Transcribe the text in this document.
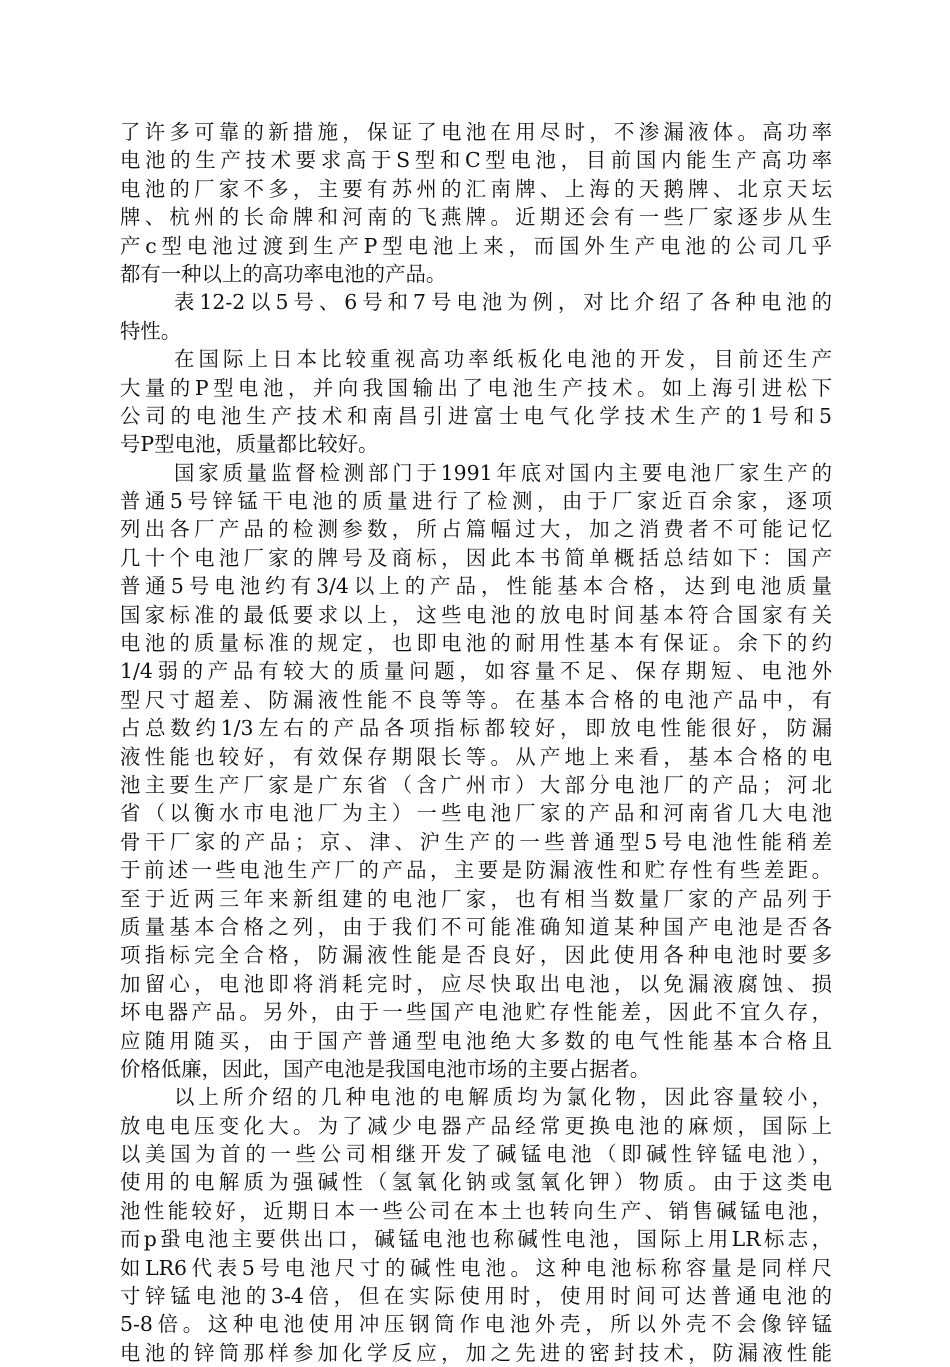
了许多可靠的新措施，保证了电池在用尽时，不渗漏液体。高功率
电池的生产技术要求高于S型和C型电池，目前国内能生产高功率
电池的厂家不多，主要有苏州的汇南牌、上海的天鹅牌、北京天坛
牌、杭州的长命牌和河南的飞燕牌。近期还会有一些厂家逐步从生
产c型电池过渡到生产P型电池上来，而国外生产电池的公司几乎
都有一种以上的高功率电池的产品。
表12-2以5号、6号和7号电池为例，对比介绍了各种电池的
特性。
在国际上日本比较重视高功率纸板化电池的开发，目前还生产
大量的P型电池，并向我国输出了电池生产技术。如上海引进松下
公司的电池生产技术和南昌引进富士电气化学技术生产的1号和5
号P型电池，质量都比较好。
国家质量监督检测部门于1991年底对国内主要电池厂家生产的
普通5号锌锰干电池的质量进行了检测，由于厂家近百余家，逐项
列出各厂产品的检测参数，所占篇幅过大，加之消费者不可能记忆
几十个电池厂家的牌号及商标，因此本书简单概括总结如下：国产
普通5号电池约有3/4以上的产品，性能基本合格，达到电池质量
国家标准的最低要求以上，这些电池的放电时间基本符合国家有关
电池的质量标准的规定，也即电池的耐用性基本有保证。余下的约
1/4弱的产品有较大的质量问题，如容量不足、保存期短、电池外
型尺寸超差、防漏液性能不良等等。在基本合格的电池产品中，有
占总数约1/3左右的产品各项指标都较好，即放电性能很好，防漏
液性能也较好，有效保存期限长等。从产地上来看，基本合格的电
池主要生产厂家是广东省（含广州市）大部分电池厂的产品；河北
省（以衡水市电池厂为主）一些电池厂家的产品和河南省几大电池
骨干厂家的产品；京、津、沪生产的一些普通型5号电池性能稍差
于前述一些电池生产厂的产品，主要是防漏液性和贮存性有些差距。
至于近两三年来新组建的电池厂家，也有相当数量厂家的产品列于
质量基本合格之列，由于我们不可能准确知道某种国产电池是否各
项指标完全合格，防漏液性能是否良好，因此使用各种电池时要多
加留心，电池即将消耗完时，应尽快取出电池，以免漏液腐蚀、损
坏电器产品。另外，由于一些国产电池贮存性能差，因此不宜久存，
应随用随买，由于国产普通型电池绝大多数的电气性能基本合格且
价格低廉，因此，国产电池是我国电池市场的主要占据者。
以上所介绍的几种电池的电解质均为氯化物，因此容量较小，
放电电压变化大。为了减少电器产品经常更换电池的麻烦，国际上
以美国为首的一些公司相继开发了碱锰电池（即碱性锌锰电池），
使用的电解质为强碱性（氢氧化钠或氢氧化钾）物质。由于这类电
池性能较好，近期日本一些公司在本土也转向生产、销售碱锰电池，
而p蛩电池主要供出口，碱锰电池也称碱性电池，国际上用LR标志，
如LR6代表5号电池尺寸的碱性电池。这种电池标称容量是同样尺
寸锌锰电池的3-4倍，但在实际使用时，使用时间可达普通电池的
5-8倍。这种电池使用冲压钢筒作电池外壳，所以外壳不会像锌锰
电池的锌筒那样参加化学反应，加之先进的密封技术，防漏液性能
